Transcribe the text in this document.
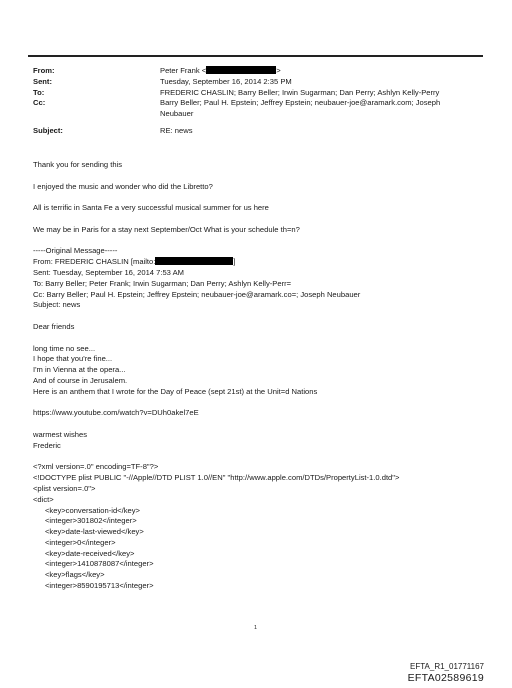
From:	Peter Frank <	>
Sent:	Tuesday, September 16, 2014 2:35 PM
To:	FREDERIC CHASLIN; Barry Beller; Irwin Sugarman; Dan Perry; Ashlyn Kelly-Perry
Cc:	Barry Beller; Paul H. Epstein; Jeffrey Epstein; neubauer-joe@aramark.com; Joseph
Neubauer
Subject:	RE: news

Thank you for sending this

I enjoyed the music and wonder who did the Libretto?

All is terrific in Santa Fe a very successful musical summer for us here

We may be in Paris for a stay next September/Oct What is your schedule th=n?

-----Original Message-----

From: FREDERIC CHASLIN [mailto:	]

Sent: Tuesday, September 16, 2014 7:53 AM

To: Barry Beller; Peter Frank; Irwin Sugarman; Dan Perry; Ashlyn Kelly-Perr=

Cc: Barry Beller; Paul H. Epstein; Jeffrey Epstein; neubauer-joe@aramark.co=; Joseph Neubauer

Subject: news

Dear friends

long time no see...

I hope that you're fine...

I'm in Vienna at the opera...

And of course in Jerusalem.

Here is an anthem that I wrote for the Day of Peace (sept 21st) at the Unit=d Nations

https://www.youtube.com/watch?v=DUh0akel7eE

warmest wishes

Frederic

<?xml version=.0" encoding=TF-8"?>

<!DOCTYPE plist PUBLIC "-//Apple//DTD PLIST 1.0//EN" "http://www.apple.com/DTDs/PropertyList-1.0.dtd">

<plist version=.0">

<dict>

<key>conversation-id</key>

<integer>301802</integer>

<key>date-last-viewed</key>

<integer>0</integer>

<key>date-received</key>

<integer>1410878087</integer>

<key>flags</key>

<integer>8590195713</integer>

1
EFTA_R1_01771167
EFTA02589619
